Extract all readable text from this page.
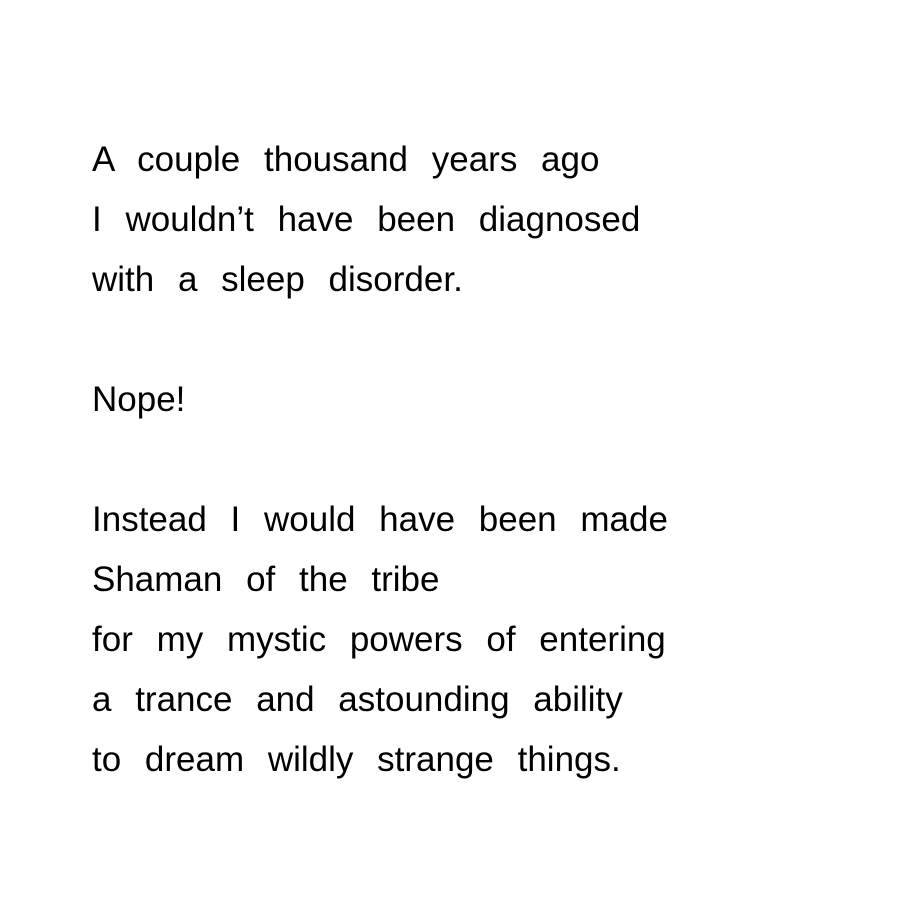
A couple thousand years ago
I wouldn’t have been diagnosed
with a sleep disorder.
Nope!
Instead I would have been made
Shaman of the tribe
for my mystic powers of entering
a trance and astounding ability
to dream wildly strange things.
